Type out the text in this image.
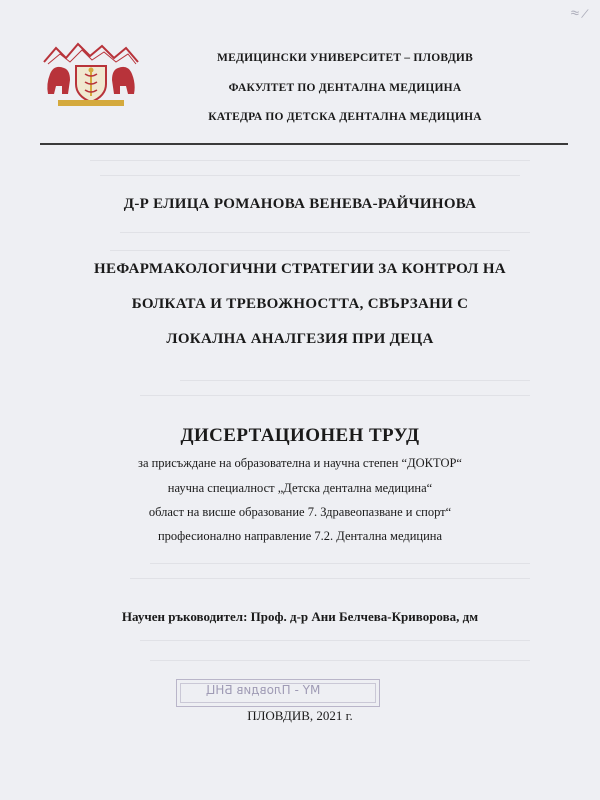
≈ ⁄
МЕДИЦИНСКИ УНИВЕРСИТЕТ – ПЛОВДИВ
ФАКУЛТЕТ ПО ДЕНТАЛНА МЕДИЦИНА
КАТЕДРА ПО ДЕТСКА ДЕНТАЛНА МЕДИЦИНА
Д-Р ЕЛИЦА РОМАНОВА ВЕНЕВА-РАЙЧИНОВА
НЕФАРМАКОЛОГИЧНИ СТРАТЕГИИ ЗА КОНТРОЛ НА
БОЛКАТА И ТРЕВОЖНОСТТА, СВЪРЗАНИ С
ЛОКАЛНА АНАЛГЕЗИЯ ПРИ ДЕЦА
ДИСЕРТАЦИОНЕН ТРУД
за присъждане на образователна и научна степен “ДОКТОР“
научна специалност „Детска дентална медицина“
област на висше образование 7. Здравеопазване и спорт“
професионално направление 7.2. Дентална медицина
Научен ръководител: Проф. д-р Ани Белчева-Криворова, дм
MY - Пловдив БНЦ
ПЛОВДИВ, 2021 г.
